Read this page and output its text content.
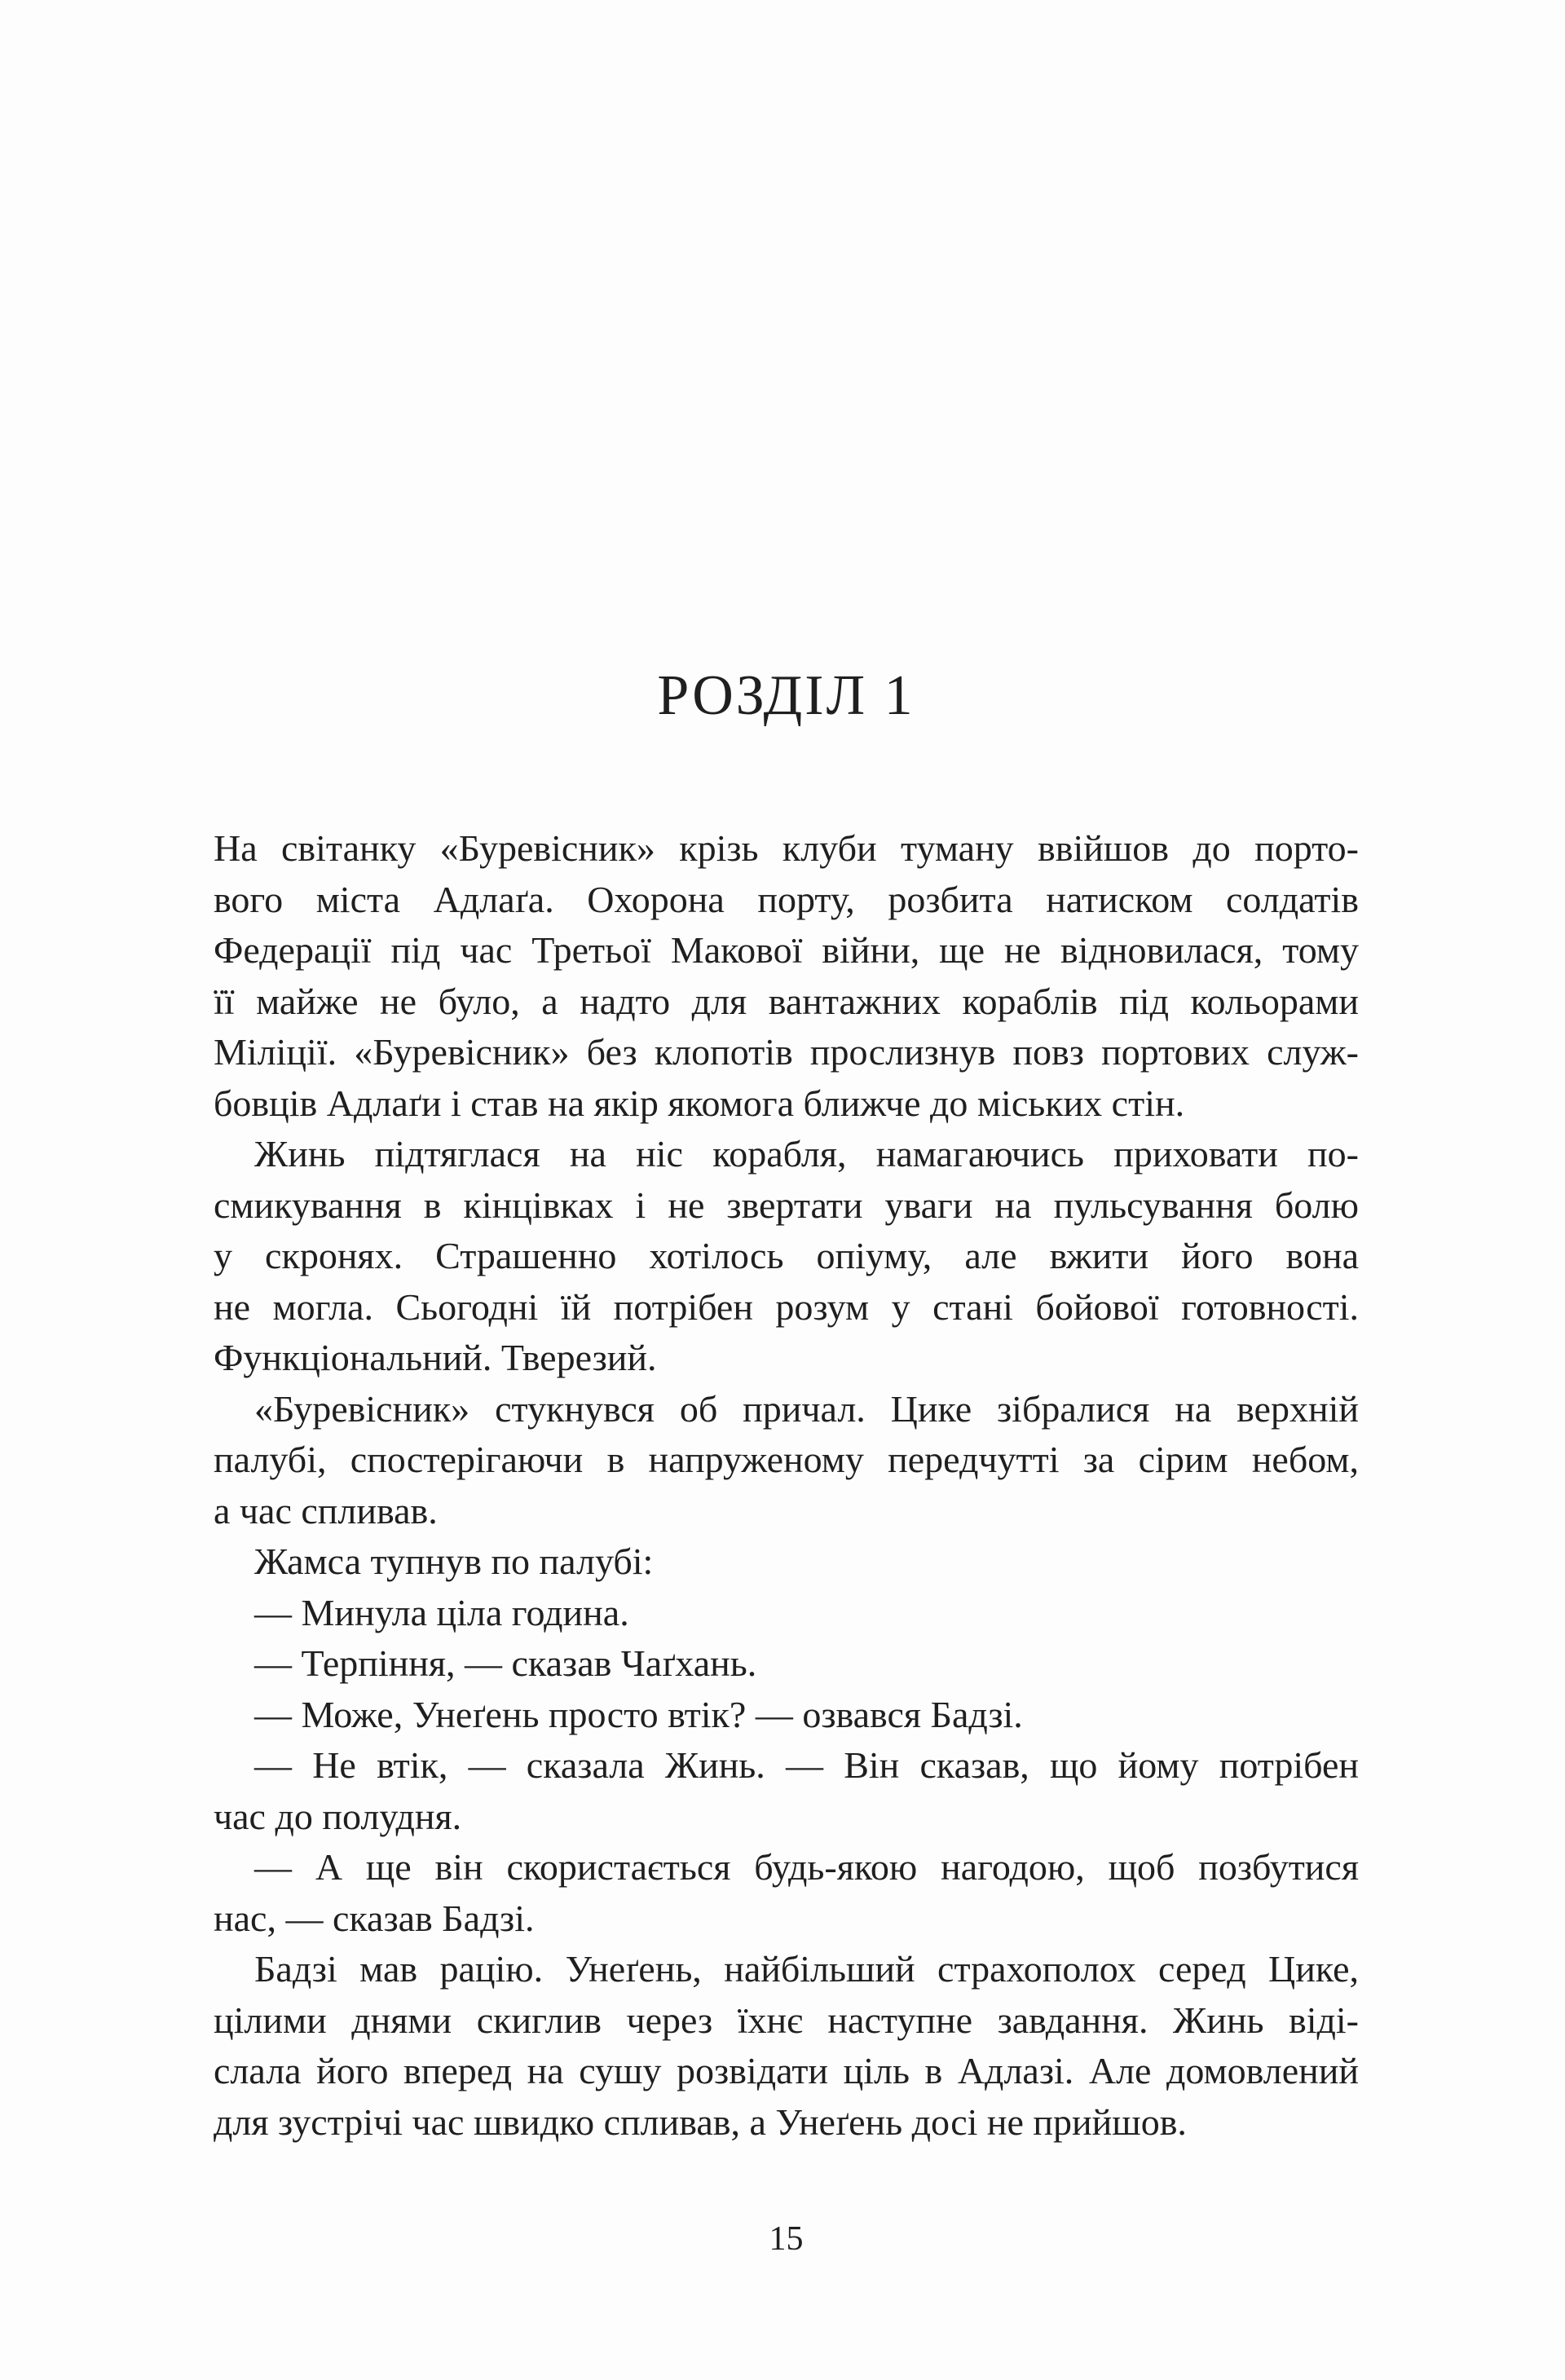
РОЗДІЛ 1
На світанку «Буревісник» крізь клуби туману ввійшов до порто-
вого міста Адлаґа. Охорона порту, розбита натиском солдатів
Федерації під час Третьої Макової війни, ще не відновилася, тому
її майже не було, а надто для вантажних кораблів під кольорами
Міліції. «Буревісник» без клопотів прослизнув повз портових служ-
бовців Адлаґи і став на якір якомога ближче до міських стін.
Жинь підтяглася на ніс корабля, намагаючись приховати по-
смикування в кінцівках і не звертати уваги на пульсування болю
у скронях. Страшенно хотілось опіуму, але вжити його вона
не могла. Сьогодні їй потрібен розум у стані бойової готовності.
Функціональний. Тверезий.
«Буревісник» стукнувся об причал. Цике зібралися на верхній
палубі, спостерігаючи в напруженому передчутті за сірим небом,
а час спливав.
Жамса тупнув по палубі:
— Минула ціла година.
— Терпіння, — сказав Чаґхань.
— Може, Унеґень просто втік? — озвався Бадзі.
— Не втік, — сказала Жинь. — Він сказав, що йому потрібен
час до полудня.
— А ще він скористається будь-якою нагодою, щоб позбутися
нас, — сказав Бадзі.
Бадзі мав рацію. Унеґень, найбільший страхополох серед Цике,
цілими днями скиглив через їхнє наступне завдання. Жинь віді-
слала його вперед на сушу розвідати ціль в Адлазі. Але домовлений
для зустрічі час швидко спливав, а Унеґень досі не прийшов.
15
